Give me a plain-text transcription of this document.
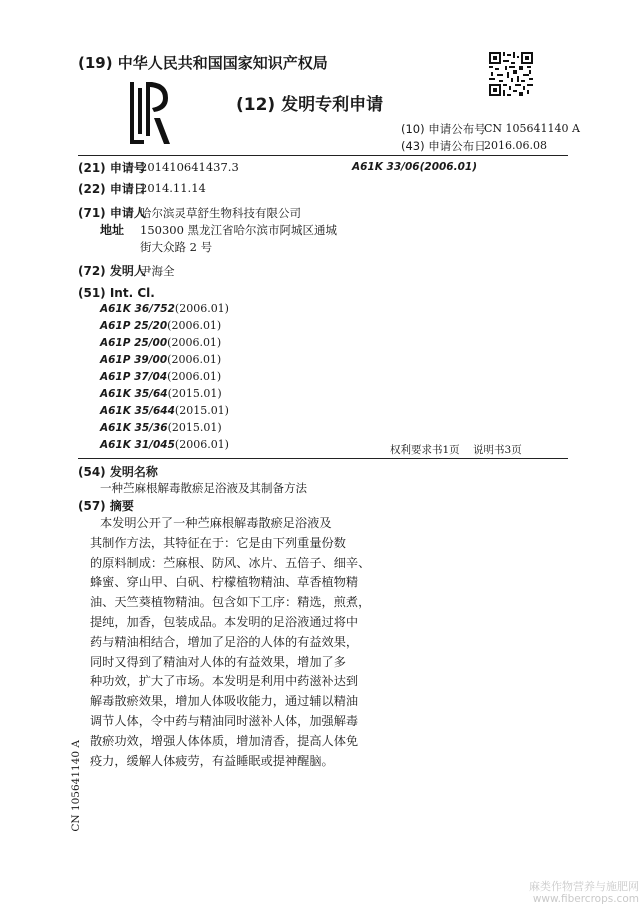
(19) 中华人民共和国国家知识产权局
(12) 发明专利申请
(10) 申请公布号
CN 105641140 A
(43) 申请公布日
2016.06.08
(21) 申请号
201410641437.3	A61K 33/06(2006.01)
(22) 申请日
2014.11.14
(71) 申请人
哈尔滨灵草舒生物科技有限公司
地址 150300 黑龙江省哈尔滨市阿城区通城
街大众路 2 号
(72) 发明人
尹海全
(51) Int. Cl.
A61K 36/752(2006.01)
A61P 25/20(2006.01)
A61P 25/00(2006.01)
A61P 39/00(2006.01)
A61P 37/04(2006.01)
A61K 35/64(2015.01)
A61K 35/644(2015.01)
A61K 35/36(2015.01)
A61K 31/045(2006.01)	权利要求书1页    说明书3页
(54) 发明名称
一种苎麻根解毒散瘀足浴液及其制备方法
(57) 摘要
本发明公开了一种苎麻根解毒散瘀足浴液及
其制作方法，其特征在于：它是由下列重量份数
的原料制成：苎麻根、防风、冰片、五倍子、细辛、
蜂蜜、穿山甲、白矾、柠檬植物精油、草香植物精
油、天竺葵植物精油。包含如下工序：精选，煎煮，
提纯，加香，包装成品。本发明的足浴液通过将中
药与精油相结合，增加了足浴的人体的有益效果，
同时又得到了精油对人体的有益效果，增加了多
种功效，扩大了市场。本发明是利用中药滋补达到
解毒散瘀效果，增加人体吸收能力，通过辅以精油
调节人体，令中药与精油同时滋补人体，加强解毒
散瘀功效，增强人体体质，增加清香，提高人体免
疫力，缓解人体疲劳，有益睡眠或提神醒脑。
CN 105641140 A
麻类作物营养与施肥网
www.fibercrops.com
